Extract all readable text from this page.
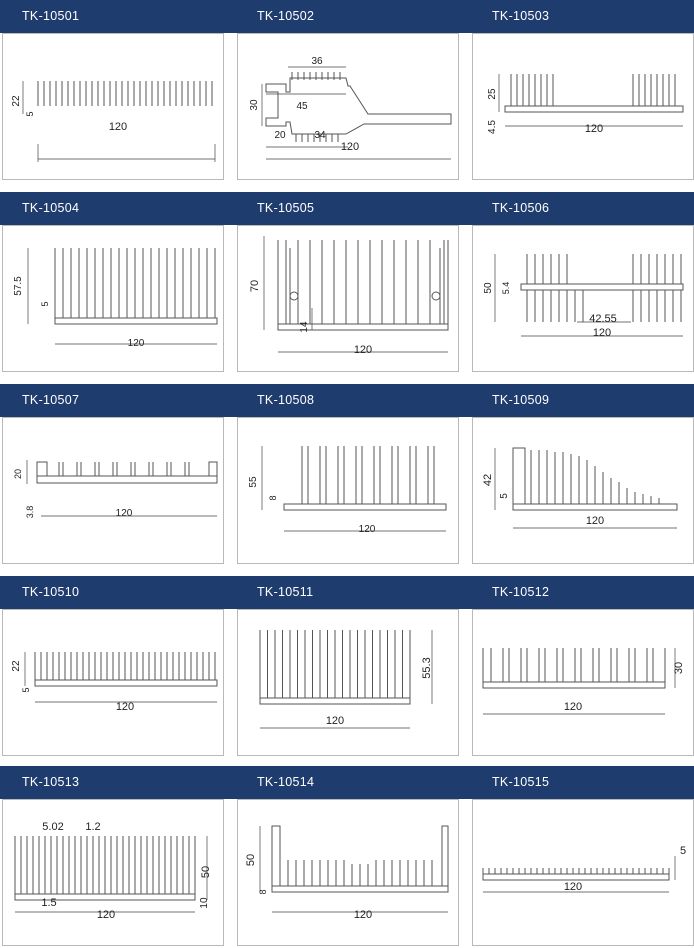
TK-10501	TK-10502	TK-10503
120
22
5
36
30	45
20	34
120
120
25
4.5
TK-10504	TK-10505	TK-10506
120
57.5
5
120
70
14
42.55
120
50 5.4
TK-10507	TK-10508	TK-10509
120
20
3.8
120
55
8
120
42
5
TK-10510	TK-10511	TK-10512
120
22
5
120
55.3
120
30
TK-10513	TK-10514	TK-10515
5.02 1.2
1.5
120
50
10
120
50
8	120
5
